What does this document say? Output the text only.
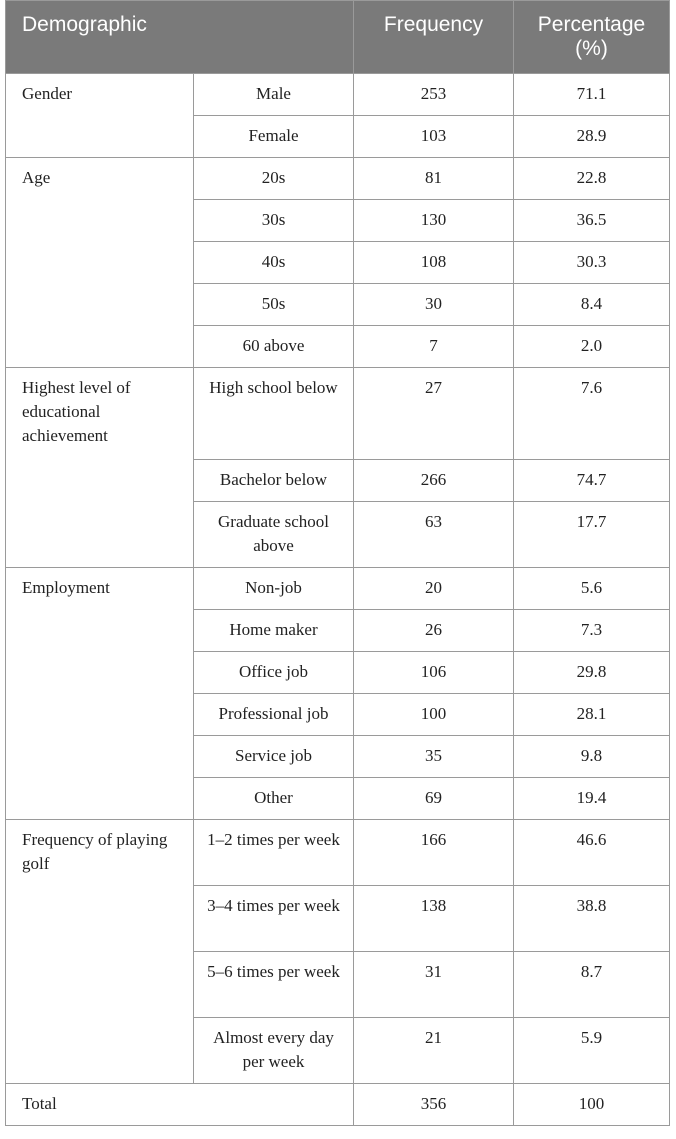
Demographic		Frequency	Percentage (%)
Gender	Male	253	71.1
	Female	103	28.9
Age	20s	81	22.8
	30s	130	36.5
	40s	108	30.3
	50s	30	8.4
	60 above	7	2.0
Highest level of educational achievement	High school below	27	7.6
	Bachelor below	266	74.7
	Graduate school above	63	17.7
Employment	Non-job	20	5.6
	Home maker	26	7.3
	Office job	106	29.8
	Professional job	100	28.1
	Service job	35	9.8
	Other	69	19.4
Frequency of playing golf	1–2 times per week	166	46.6
	3–4 times per week	138	38.8
	5–6 times per week	31	8.7
	Almost every day per week	21	5.9
Total		356	100
